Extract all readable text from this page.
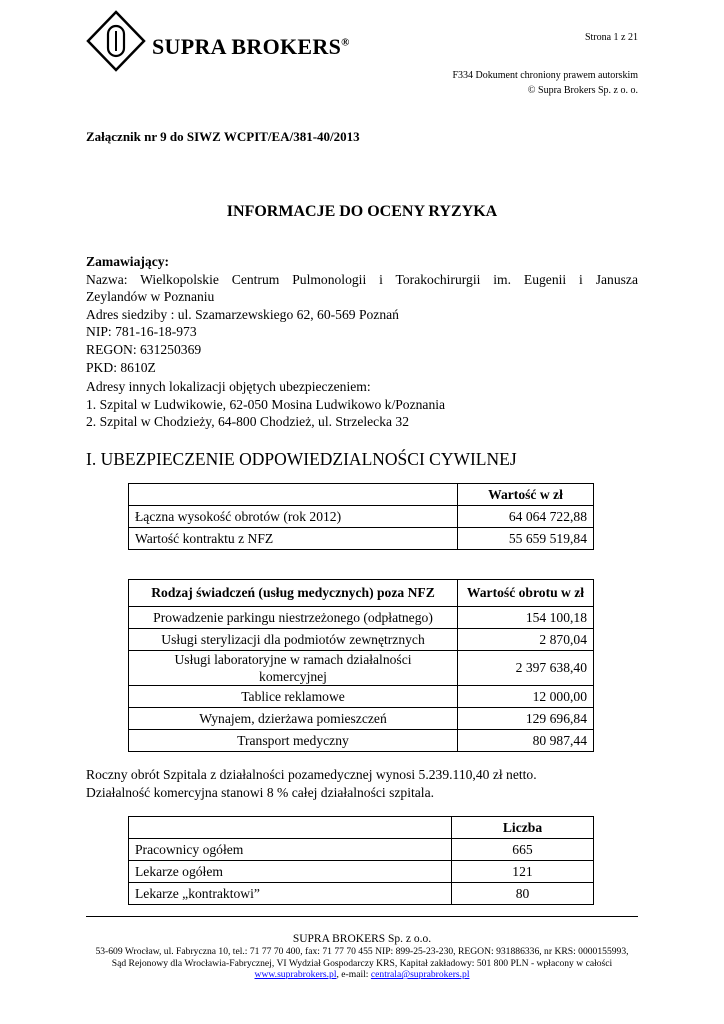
SUPRA BROKERS®	Strona 1 z 21
F334 Dokument chroniony prawem autorskim
© Supra Brokers Sp. z o. o.
Załącznik nr 9 do SIWZ WCPIT/EA/381-40/2013
INFORMACJE DO OCENY RYZYKA
Zamawiający:
Nazwa: Wielkopolskie Centrum Pulmonologii i Torakochirurgii im. Eugenii i Janusza
Zeylandów w Poznaniu
Adres siedziby : ul. Szamarzewskiego 62, 60-569 Poznań
NIP: 781-16-18-973
REGON: 631250369
PKD: 8610Z
Adresy innych lokalizacji objętych ubezpieczeniem:
1. Szpital w Ludwikowie, 62-050 Mosina Ludwikowo k/Poznania
2. Szpital w Chodzieży, 64-800 Chodzież, ul. Strzelecka 32
I. UBEZPIECZENIE ODPOWIEDZIALNOŚCI CYWILNEJ
	Wartość w zł
Łączna wysokość obrotów (rok 2012)	64 064 722,88
Wartość kontraktu z NFZ	55 659 519,84
Rodzaj świadczeń (usług medycznych) poza NFZ	Wartość obrotu w zł
Prowadzenie parkingu niestrzeżonego (odpłatnego)	154 100,18
Usługi sterylizacji dla podmiotów zewnętrznych	2 870,04
Usługi laboratoryjne w ramach działalności komercyjnej	2 397 638,40
Tablice reklamowe	12 000,00
Wynajem, dzierżawa pomieszczeń	129 696,84
Transport medyczny	80 987,44
Roczny obrót Szpitala z działalności pozamedycznej wynosi 5.239.110,40 zł netto.
Działalność komercyjna stanowi 8 % całej działalności szpitala.
	Liczba
Pracownicy ogółem	665
Lekarze ogółem	121
Lekarze „kontraktowi”	80
SUPRA BROKERS Sp. z o.o.
53-609 Wrocław, ul. Fabryczna 10, tel.: 71 77 70 400, fax: 71 77 70 455 NIP: 899-25-23-230, REGON: 931886336, nr KRS: 0000155993,
Sąd Rejonowy dla Wrocławia-Fabrycznej, VI Wydział Gospodarczy KRS, Kapitał zakładowy: 501 800 PLN - wpłacony w całości
www.suprabrokers.pl, e-mail: centrala@suprabrokers.pl
